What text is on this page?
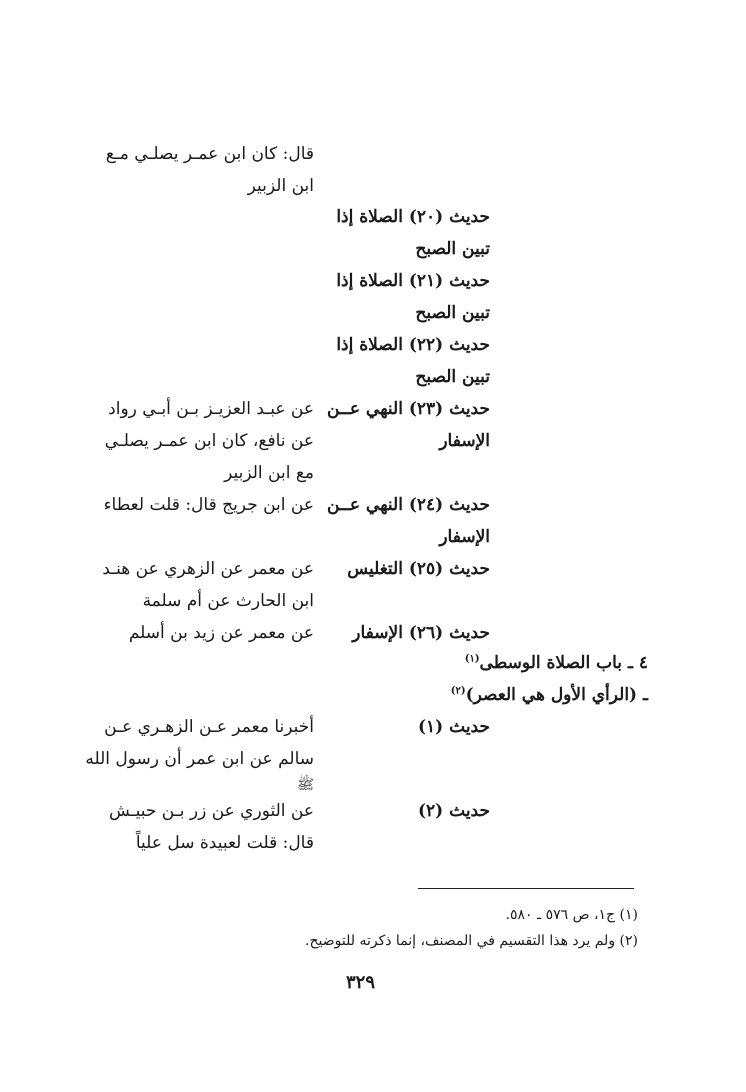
حديث (٢٠) الصلاة إذا
تبين الصبح
حديث (٢١) الصلاة إذا
تبين الصبح
حديث (٢٢) الصلاة إذا
تبين الصبح
حديث (٢٣) النهي عــن
الإسفار
حديث (٢٤) النهي عــن
الإسفار
حديث (٢٥) التغليس
حديث (٢٦) الإسفار
قال: كان ابن عمـر يصلـي مـع
ابن الزبير
عن عبـد العزيـز بـن أبـي رواد
عن نافع، كان ابن عمـر يصلـي
مع ابن الزبير
عن ابن جريج قال: قلت لعطاء
عن معمر عن الزهري عن هنـد
ابن الحارث عن أم سلمة
عن معمر عن زيد بن أسلم
٤ ـ باب الصلاة الوسطى$^{(١)}$
ـ (الرأي الأول هي العصر)$^{(٢)}$
حديث (١)
حديث (٢)
أخبرنا معمر عـن الزهـري عـن
سالم عن ابن عمر أن رسول الله
ﷺ
عن الثوري عن زر بـن حبيـش
قال: قلت لعبيدة سل علياً
(١) ج١، ص ٥٧٦ ـ ٥٨٠.
(٢) ولم يرد هذا التقسيم في المصنف، إنما ذكرته للتوضيح.
٣٢٩
